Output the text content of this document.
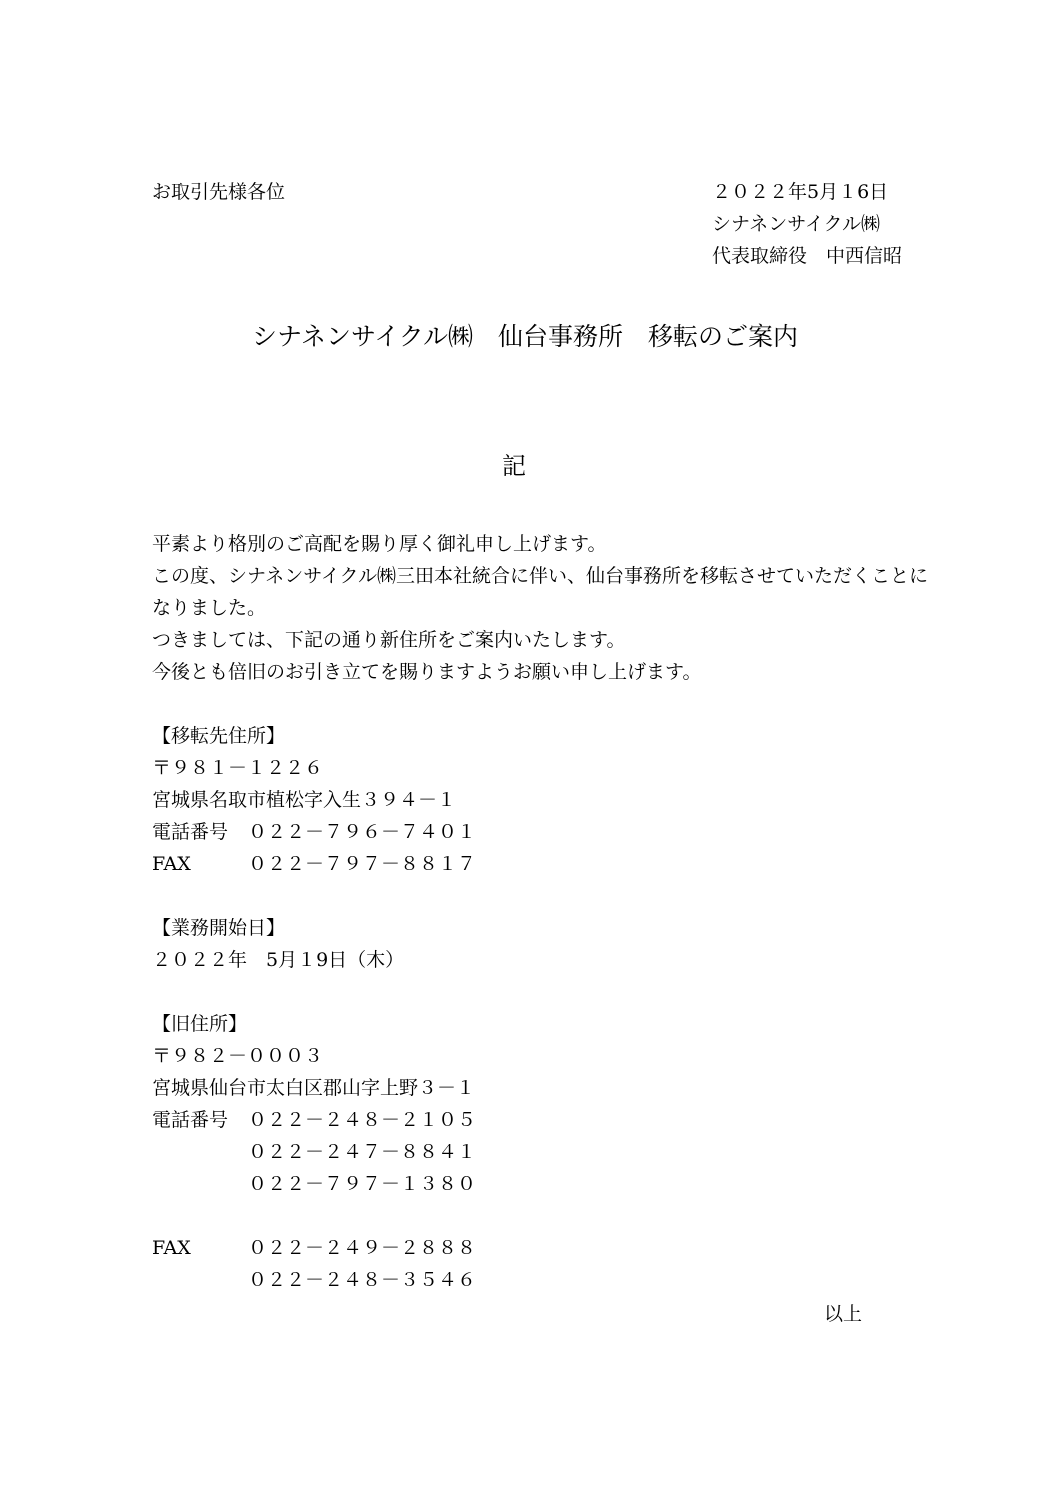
お取引先様各位	２０２２年5月１6日

シナネンサイクル㈱

代表取締役　中西信昭

シナネンサイクル㈱　仙台事務所　移転のご案内

記

平素より格別のご高配を賜り厚く御礼申し上げます。

この度、シナネンサイクル㈱三田本社統合に伴い、仙台事務所を移転させていただくことに

なりました。

つきましては、下記の通り新住所をご案内いたします。

今後とも倍旧のお引き立てを賜りますようお願い申し上げます。

【移転先住所】

〒９８１－１２２６

宮城県名取市植松字入生３９４－１

電話番号 ０２２－７９６－７４０１

FAX	０２２－７９７－８８１７

【業務開始日】

２０２２年　5月１9日（木）

【旧住所】

〒９８２－０００３

宮城県仙台市太白区郡山字上野３－１

電話番号 ０２２－２４８－２１０５

０２２－２４７－８８４１

０２２－７９７－１３８０

FAX	０２２－２４９－２８８８

０２２－２４８－３５４６

以上
